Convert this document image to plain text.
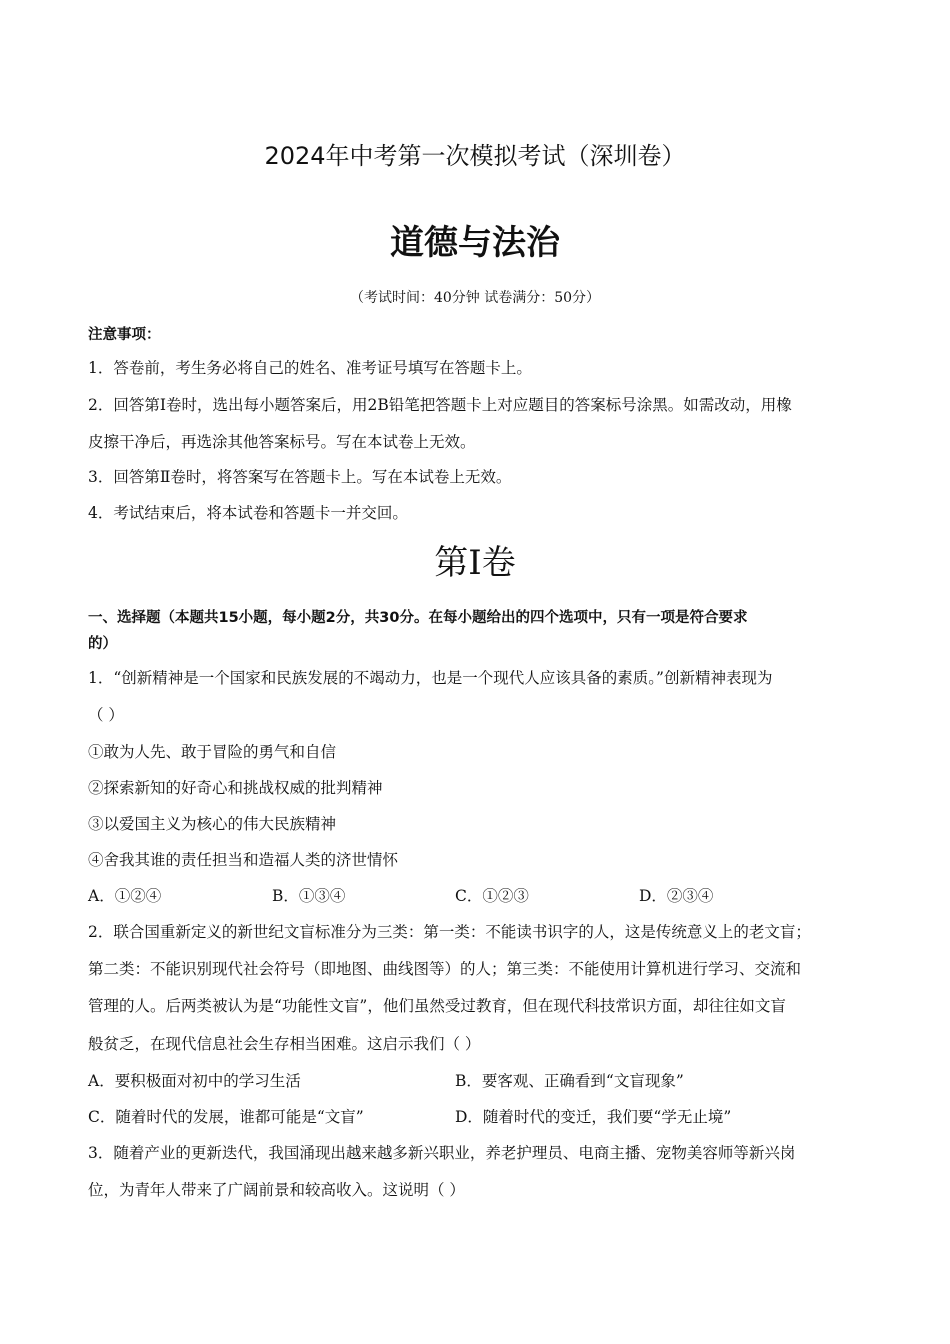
2024年中考第一次模拟考试（深圳卷）
道德与法治
（考试时间：40分钟 试卷满分：50分）
注意事项：
1．答卷前，考生务必将自己的姓名、准考证号填写在答题卡上。
2．回答第Ⅰ卷时，选出每小题答案后，用2B铅笔把答题卡上对应题目的答案标号涂黑。如需改动，用橡
皮擦干净后，再选涂其他答案标号。写在本试卷上无效。
3．回答第Ⅱ卷时，将答案写在答题卡上。写在本试卷上无效。
4．考试结束后，将本试卷和答题卡一并交回。
第Ⅰ卷
一、选择题（本题共15小题，每小题2分，共30分。在每小题给出的四个选项中，只有一项是符合要求
的）
1．“创新精神是一个国家和民族发展的不竭动力，也是一个现代人应该具备的素质。”创新精神表现为
（ ）
①敢为人先、敢于冒险的勇气和自信
②探索新知的好奇心和挑战权威的批判精神
③以爱国主义为核心的伟大民族精神
④舍我其谁的责任担当和造福人类的济世情怀
A．①②④	B．①③④	C．①②③	D．②③④
2．联合国重新定义的新世纪文盲标准分为三类：第一类：不能读书识字的人，这是传统意义上的老文盲；
第二类：不能识别现代社会符号（即地图、曲线图等）的人；第三类：不能使用计算机进行学习、交流和
管理的人。后两类被认为是“功能性文盲”，他们虽然受过教育，但在现代科技常识方面，却往往如文盲
般贫乏，在现代信息社会生存相当困难。这启示我们（ ）
A．要积极面对初中的学习生活	B．要客观、正确看到“文盲现象”
C．随着时代的发展，谁都可能是“文盲”	D．随着时代的变迁，我们要“学无止境”
3．随着产业的更新迭代，我国涌现出越来越多新兴职业，养老护理员、电商主播、宠物美容师等新兴岗
位，为青年人带来了广阔前景和较高收入。这说明（ ）
